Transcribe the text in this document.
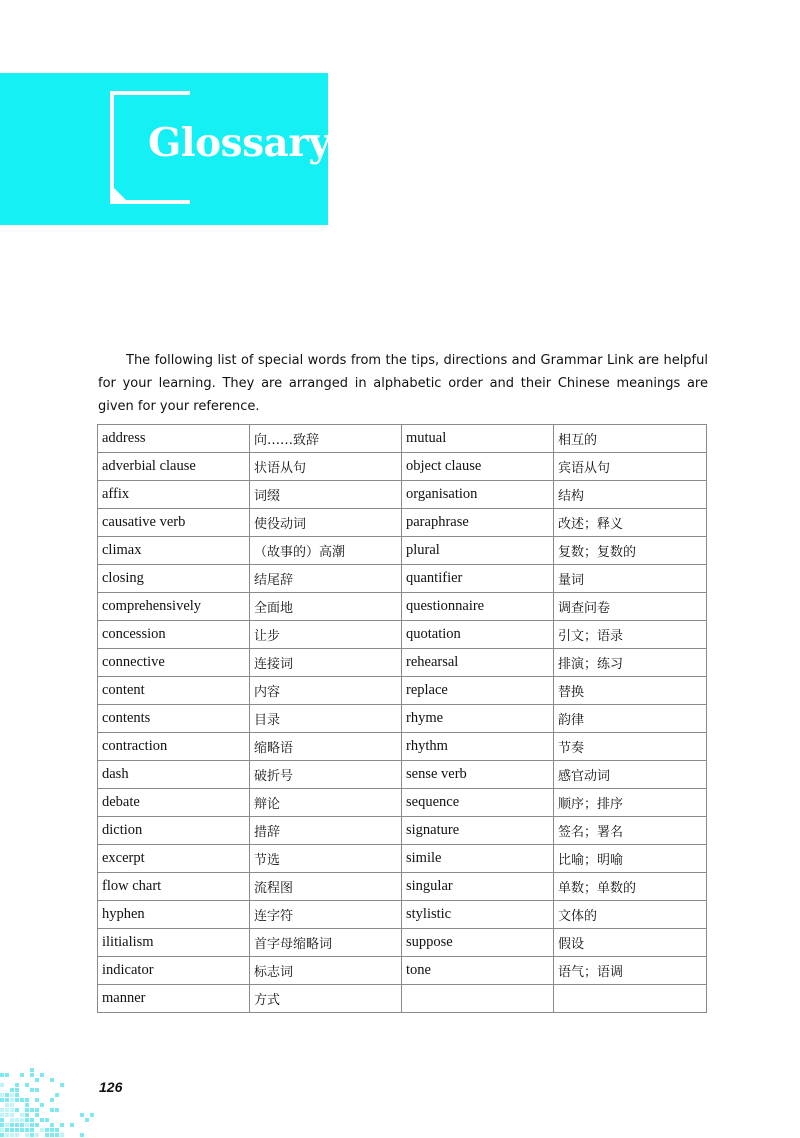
Glossary

The following list of special words from the tips, directions and Grammar Link are helpful for your learning. They are arranged in alphabetic order and their Chinese meanings are given for your reference.

address	向……致辞	mutual	相互的
adverbial clause	状语从句	object clause	宾语从句
affix	词缀	organisation	结构
causative verb	使役动词	paraphrase	改述；释义
climax	（故事的）高潮	plural	复数；复数的
closing	结尾辞	quantifier	量词
comprehensively	全面地	questionnaire	调查问卷
concession	让步	quotation	引文；语录
connective	连接词	rehearsal	排演；练习
content	内容	replace	替换
contents	目录	rhyme	韵律
contraction	缩略语	rhythm	节奏
dash	破折号	sense verb	感官动词
debate	辩论	sequence	顺序；排序
diction	措辞	signature	签名；署名
excerpt	节选	simile	比喻；明喻
flow chart	流程图	singular	单数；单数的
hyphen	连字符	stylistic	文体的
ilitialism	首字母缩略词	suppose	假设
indicator	标志词	tone	语气；语调
manner	方式		
126
